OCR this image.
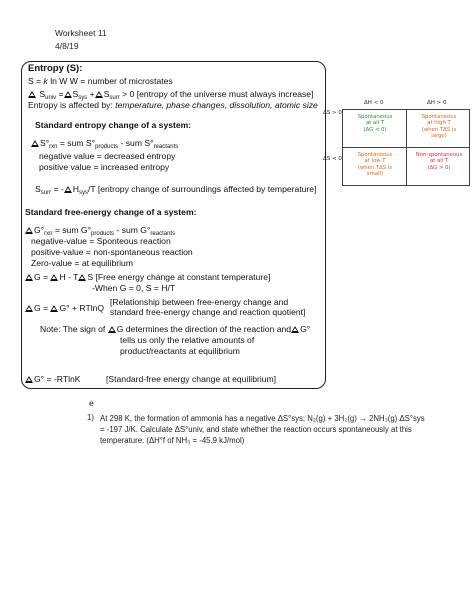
Worksheet 11
4/8/19
Entropy (S):
S = k ln W W = number of microstates
$S_{univ} = S_{sys} + S_{surr} > 0$ [entropy of the universe must always increase]
Entropy is affected by: temperature, phase changes, dissolution, atomic size
Standard entropy change of a system:
$S^\circ_{rxn}$ = sum $S^\circ_{products}$ - sum $S^\circ_{reactants}$
negative value = decreased entropy
positive value = increased entropy
$S_{surr}$ = - $H_{sys}/T$ [entropy change of surroundings affected by temperature]
Standard free-energy change of a system:
$G^\circ_{rxn}$ = sum $G^\circ_{products}$ - sum $G^\circ_{reactants}$
negative-value = Sponteous reaction
positive-value = non-spontaneous reaction
Zero-value = at equilibrium
G = H - T S [Free energy change at constant temperature]
-When G = 0, S = H/T
G = G° + RTlnQ
[Relationship between free-energy change and
standard free-energy change and reaction quotient]
Note: The sign of G determines the direction of the reaction and G°
tells us only the relative amounts of
product/reactants at equilibrium
G° = -RTlnK	[Standard-free energy change at equilibrium]
ΔH < 0	ΔH > 0
ΔS > 0
ΔS < 0
Spontaneous
at all T
(ΔG < 0)
Spontaneous
at high T
(when TΔS is
large)
Spontaneous
at low T
(when TΔS is
small)
Non-spontaneous
at all T
(ΔG > 0)
e
1) At 298 K, the formation of ammonia has a negative ΔS°sys; N₂(g) + 3H₂(g) → 2NH₃(g) ΔS°sys
= -197 J/K. Calculate ΔS°univ, and state whether the reaction occurs spontaneously at this
temperature. (ΔH°f of NH₃ = -45.9 kJ/mol)
